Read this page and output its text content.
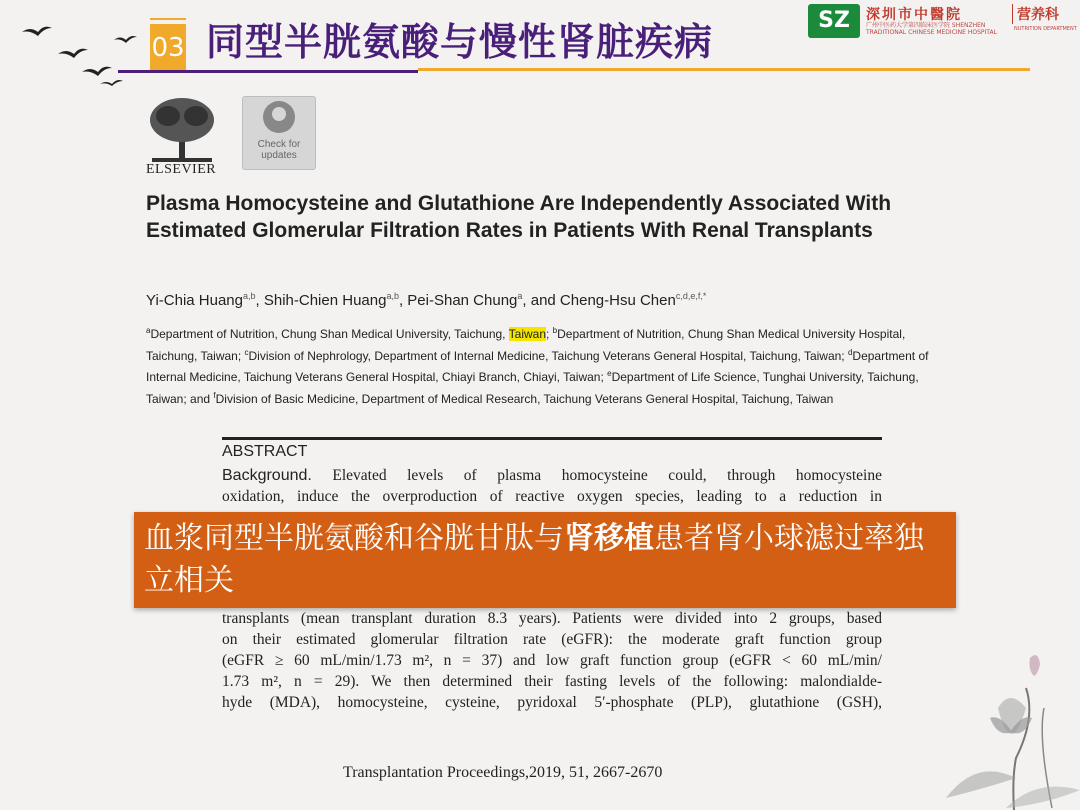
03 同型半胱氨酸与慢性肾脏疾病	SZ	深圳市中醫院
广州中医药大学第四临床医学院 SHENZHEN TRADITIONAL CHINESE MEDICINE HOSPITAL
营养科
NUTRITION DEPARTMENT
ELSEVIER
Check for updates
Plasma Homocysteine and Glutathione Are Independently Associated With Estimated Glomerular Filtration Rates in Patients With Renal Transplants
Yi-Chia Huang$^{a,b}$, Shih-Chien Huang$^{a,b}$, Pei-Shan Chung$^a$, and Cheng-Hsu Chen$^{c,d,e,f,*}$
$^a$Department of Nutrition, Chung Shan Medical University, Taichung, Taiwan; $^b$Department of Nutrition, Chung Shan Medical University Hospital, Taichung, Taiwan; $^c$Division of Nephrology, Department of Internal Medicine, Taichung Veterans General Hospital, Taichung, Taiwan; $^d$Department of Internal Medicine, Taichung Veterans General Hospital, Chiayi Branch, Chiayi, Taiwan; $^e$Department of Life Science, Tunghai University, Taichung, Taiwan; and $^f$Division of Basic Medicine, Department of Medical Research, Taichung Veterans General Hospital, Taichung, Taiwan
ABSTRACT
Background. Elevated levels of plasma homocysteine could, through homocysteine
oxidation, induce the overproduction of reactive oxygen species, leading to a reduction in
transplants (mean transplant duration 8.3 years). Patients were divided into 2 groups, based
on their estimated glomerular filtration rate (eGFR): the moderate graft function group
(eGFR ≥ 60 mL/min/1.73 m², n = 37) and low graft function group (eGFR < 60 mL/min/
1.73 m², n = 29). We then determined their fasting levels of the following: malondialde-
hyde (MDA), homocysteine, cysteine, pyridoxal 5′-phosphate (PLP), glutathione (GSH),
血浆同型半胱氨酸和谷胱甘肽与肾移植患者肾小球滤过率独立相关
Transplantation Proceedings,2019, 51, 2667-2670
